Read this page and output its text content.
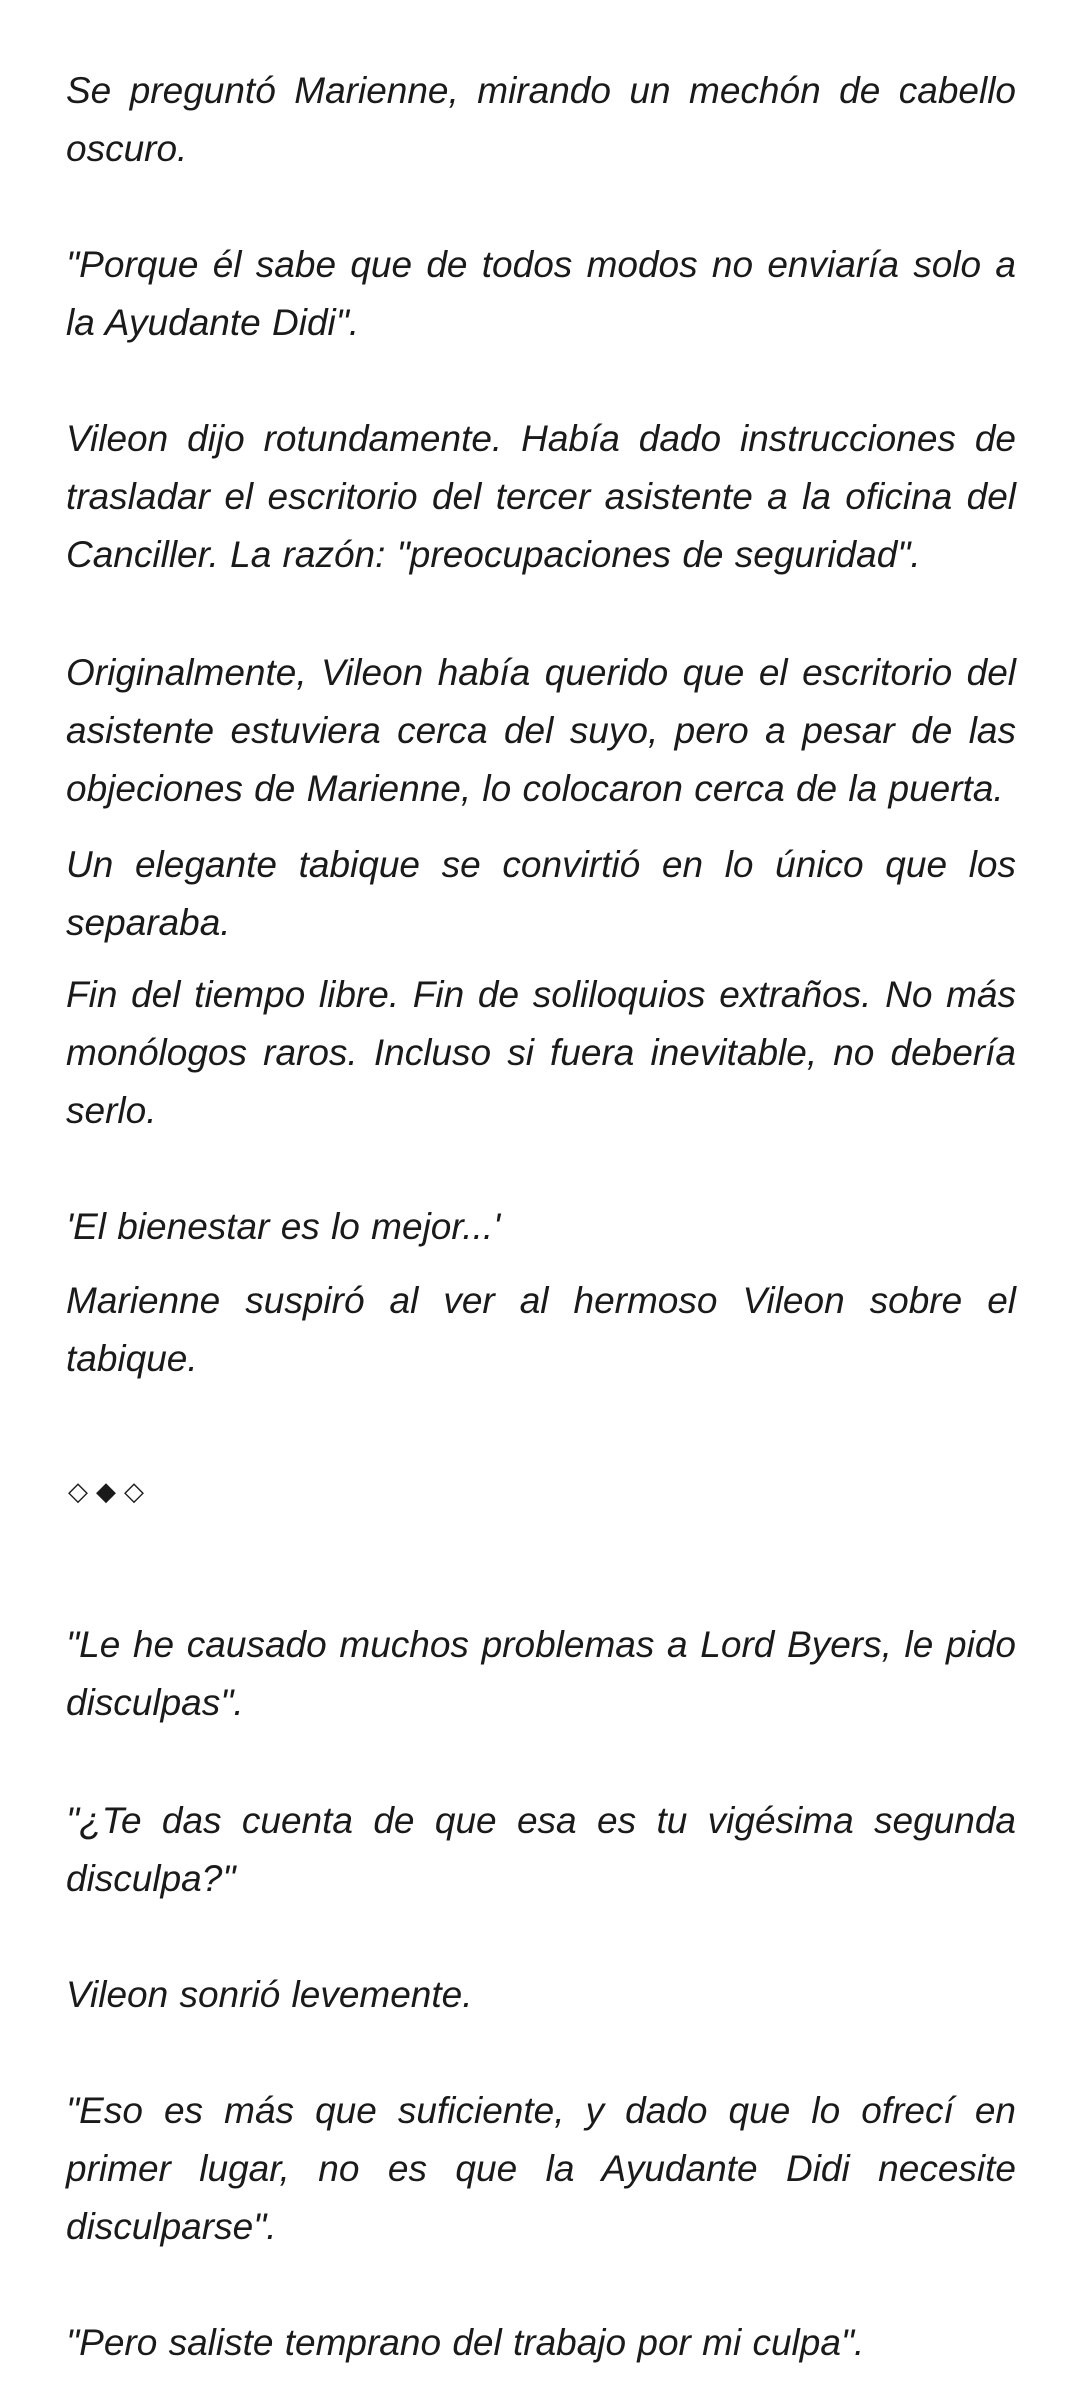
Se preguntó Marienne, mirando un mechón de cabello oscuro.

"Porque él sabe que de todos modos no enviaría solo a la Ayudante Didi".

Vileon dijo rotundamente. Había dado instrucciones de trasladar el escritorio del tercer asistente a la oficina del Canciller. La razón: "preocupaciones de seguridad".

Originalmente, Vileon había querido que el escritorio del asistente estuviera cerca del suyo, pero a pesar de las objeciones de Marienne, lo colocaron cerca de la puerta.

Un elegante tabique se convirtió en lo único que los separaba.

Fin del tiempo libre. Fin de soliloquios extraños. No más monólogos raros. Incluso si fuera inevitable, no debería serlo.

'El bienestar es lo mejor...'

Marienne suspiró al ver al hermoso Vileon sobre el tabique.

◇ ◆ ◇

"Le he causado muchos problemas a Lord Byers, le pido disculpas".

"¿Te das cuenta de que esa es tu vigésima segunda disculpa?"

Vileon sonrió levemente.

"Eso es más que suficiente, y dado que lo ofrecí en primer lugar, no es que la Ayudante Didi necesite disculparse".

"Pero saliste temprano del trabajo por mi culpa".
